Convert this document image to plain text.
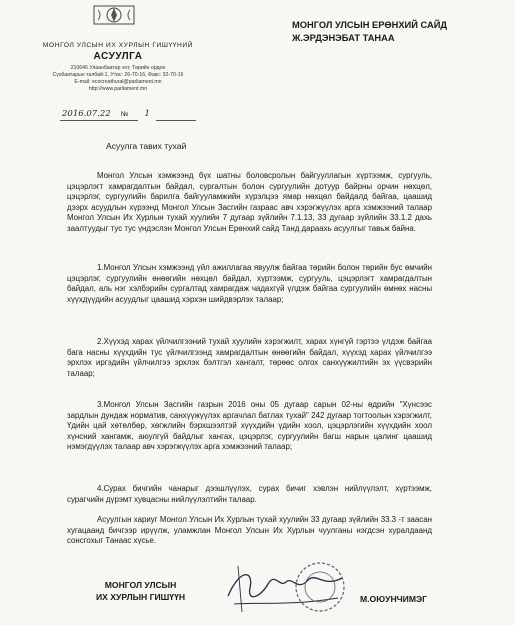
МОНГОЛ УЛСЫН ИХ ХУРЛЫН ГИШҮҮНИЙ
АСУУЛГА
210646 Улаанбаатар хот, Төрийн ордон
Сүхбаатарын талбай-1, Утас: 26-70-16, Факс: 32-70-16
E-mail: ecocreathural@parliament.mn
http://www.parliament.mn
2016.07.22 № 1
МОНГОЛ УЛСЫН ЕРӨНХИЙ САЙД
Ж.ЭРДЭНЭБАТ ТАНАА
Асуулга тавих тухай

Монгол Улсын хэмжээнд бүх шатны боловсролын байгууллагын хүртээмж, сургууль, цэцэрлэгт хамрагдалтын байдал, сургалтын болон сургуулийн дотуур байрны орчин нөхцөл, цэцэрлэг, сургуулийн барилга байгууламжийн хүрэлцээ ямар нөхцөл байдалд байгаа, цаашид дээрх асуудлын хүрээнд Монгол Улсын Засгийн газраас авч хэрэгжүүлэх арга хэмжээний талаар Монгол Улсын Их Хурлын тухай хуулийн 7 дугаар зүйлийн 7.1.13, 33 дугаар зүйлийн 33.1.2 дахь заалтуудыг тус тус үндэслэн Монгол Улсын Ерөнхий сайд Танд дараахь асуулгыг тавьж байна.

1.Монгол Улсын хэмжээнд үйл ажиллагаа явуулж байгаа төрийн болон төрийн бус өмчийн цэцэрлэг, сургуулийн өнөөгийн нөхцөл байдал, хүртээмж, сургууль, цэцэрлэгт хамрагдалтын байдал, аль нэг хэлбэрийн сургалтад хамрагдаж чадахгүй үлдэж байгаа сургуулийн өмнөх насны хүүхдүүдийн асуудлыг цаашид хэрхэн шийдвэрлэх талаар;

2.Хүүхэд харах үйлчилгээний тухай хуулийн хэрэгжилт, харах хүнгүй гэртээ үлдэж байгаа бага насны хүүхдийн тус үйлчилгээнд хамрагдалтын өнөөгийн байдал, хүүхэд харах үйлчилгээ эрхлэх иргэдийн үйлчилгээ эрхлэх бэлтгэл хангалт, төрөөс олгох санхүүжилтийн эх үүсвэрийн талаар;

3.Монгол Улсын Засгийн газрын 2016 оны 05 дугаар сарын 02-ны өдрийн "Хүнсээс зардлын дундаж норматив, санхүүжүүлэх аргачлал батлах тухай" 242 дугаар тогтоолын хэрэгжилт, Үдийн цай хөтөлбөр, хөгжлийн бэрхшээлтэй хүүхдийн үдийн хоол, цэцэрлэгийн хүүхдийн хоол хүнсний хангамж, аюулгүй байдлыг хангах, цэцэрлэг, сургуулийн багш нарын цалинг цаашид нэмэгдүүлэх талаар авч хэрэгжүүлэх арга хэмжээний талаар;

4.Сурах бичгийн чанарыг дээшлүүлэх, сурах бичиг хэвлэн нийлүүлэлт, хүртээмж, сурагчийн дүрэмт хувцасны нийлүүлэлтийн талаар.

Асуулгын хариуг Монгол Улсын Их Хурлын тухай хуулийн 33 дугаар зүйлийн 33.3 -т заасан хугацаанд бичгээр ирүүлж, уламжлан Монгол Улсын Их Хурлын чуулганы нэгдсэн хуралдаанд сонсгохыг Танаас хүсье.

МОНГОЛ УЛСЫН
ИХ ХУРЛЫН ГИШҮҮН	М.ОЮУНЧИМЭГ
